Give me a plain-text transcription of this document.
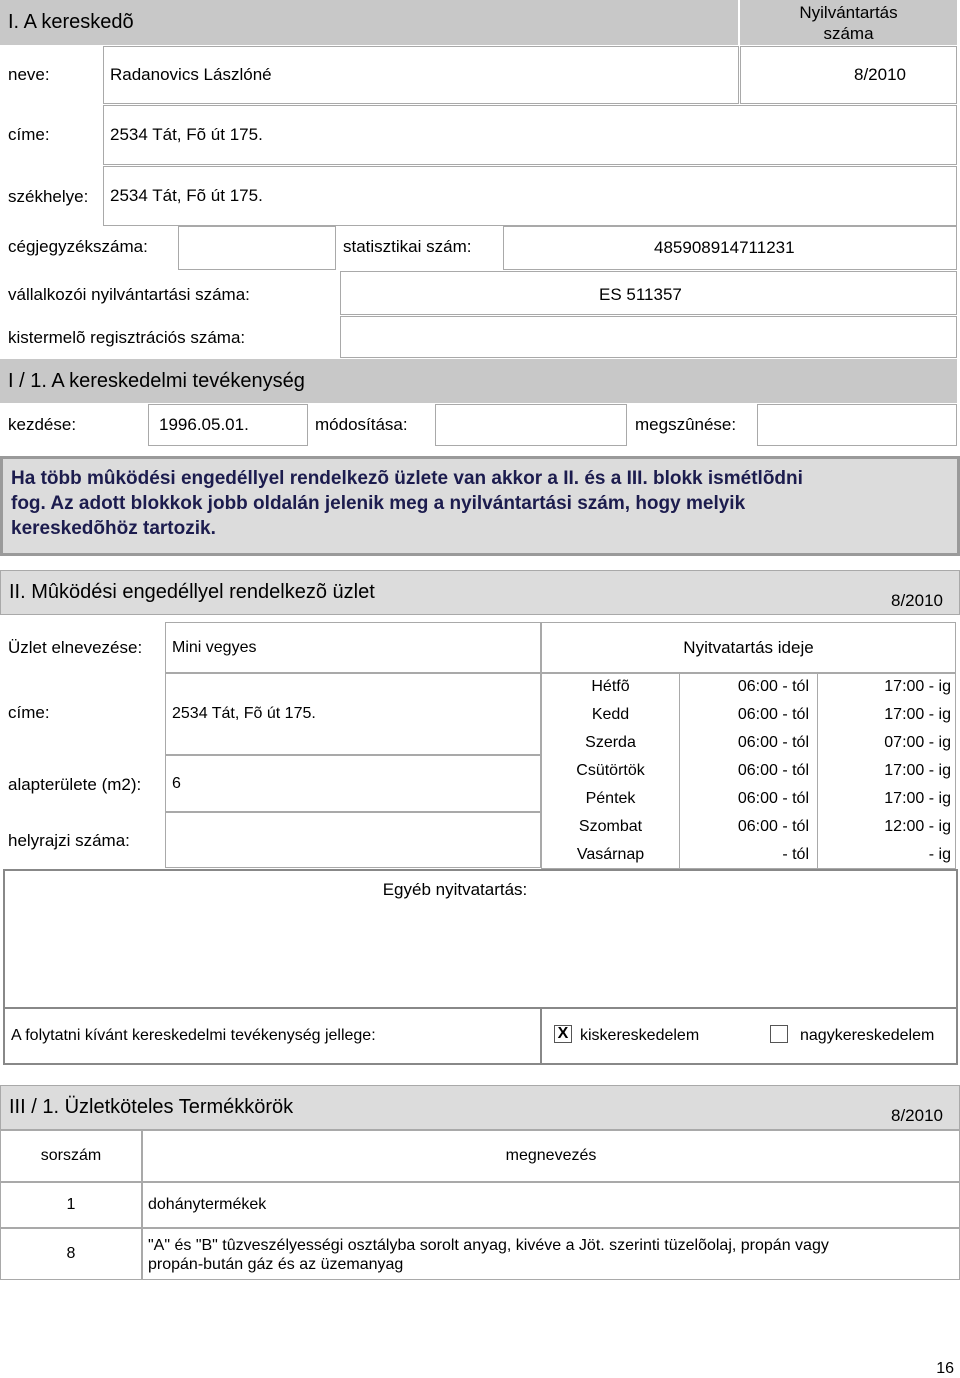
I. A kereskedõ	Nyilvántartás
száma
neve:	Radanovics Lászlóné	8/2010
címe:	2534 Tát, Fõ út 175.
székhelye:	2534 Tát, Fõ út 175.
cégjegyzékszáma:	statisztikai szám:	485908914711231
vállalkozói nyilvántartási száma:	ES 511357
kistermelõ regisztrációs száma:
I / 1. A kereskedelmi tevékenység
kezdése:	1996.05.01.	módosítása:	megszûnése:
Ha több mûködési engedéllyel rendelkezõ üzlete van akkor a II. és a III. blokk ismétlõdni
fog. Az adott blokkok jobb oldalán jelenik meg a nyilvántartási szám, hogy melyik
kereskedõhöz tartozik.
II. Mûködési engedéllyel rendelkezõ üzlet	8/2010
Üzlet elnevezése:	Mini vegyes	Nyitvatartás ideje
címe:	2534 Tát, Fõ út 175.
alapterülete (m2):	6
helyrajzi száma:
Hétfõ	06:00 - tól	17:00 - ig
Kedd	06:00 - tól	17:00 - ig
Szerda	06:00 - tól	07:00 - ig
Csütörtök	06:00 - tól	17:00 - ig
Péntek	06:00 - tól	17:00 - ig
Szombat	06:00 - tól	12:00 - ig
Vasárnap	- tól	- ig
Egyéb nyitvatartás:
A folytatni kívánt kereskedelmi tevékenység jellege:	X kiskereskedelem	nagykereskedelem
III / 1. Üzletköteles Termékkörök	8/2010
sorszám	megnevezés
1	dohánytermékek
8	"A" és "B" tûzveszélyességi osztályba sorolt anyag, kivéve a Jöt. szerinti tüzelõolaj, propán vagy
propán-bután gáz és az üzemanyag
16
